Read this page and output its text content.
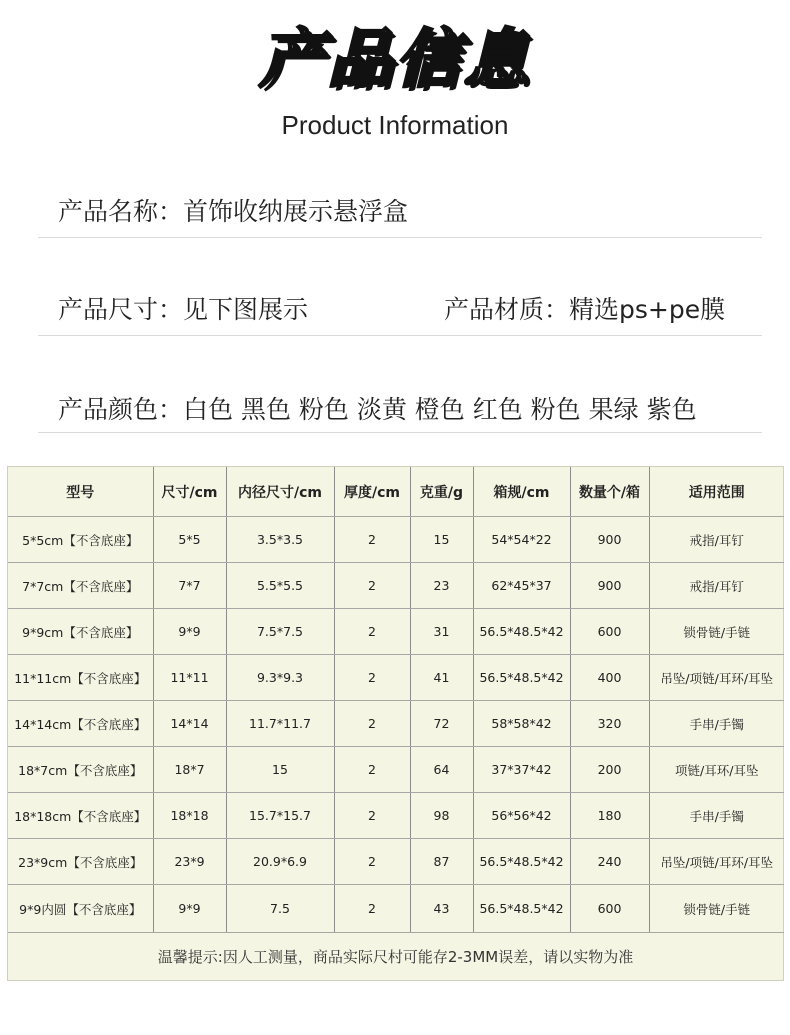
产品信息
Product Information
产品名称：首饰收纳展示悬浮盒
产品尺寸：见下图展示	产品材质：精选ps+pe膜
产品颜色：白色 黑色 粉色 淡黄 橙色 红色 粉色 果绿 紫色
型号	尺寸/cm	内径尺寸/cm	厚度/cm	克重/g	箱规/cm	数量个/箱	适用范围
5*5cm【不含底座】	5*5	3.5*3.5	2	15	54*54*22	900	戒指/耳钉
7*7cm【不含底座】	7*7	5.5*5.5	2	23	62*45*37	900	戒指/耳钉
9*9cm【不含底座】	9*9	7.5*7.5	2	31	56.5*48.5*42	600	锁骨链/手链
11*11cm【不含底座】	11*11	9.3*9.3	2	41	56.5*48.5*42	400	吊坠/项链/耳环/耳坠
14*14cm【不含底座】	14*14	11.7*11.7	2	72	58*58*42	320	手串/手镯
18*7cm【不含底座】	18*7	15	2	64	37*37*42	200	项链/耳环/耳坠
18*18cm【不含底座】	18*18	15.7*15.7	2	98	56*56*42	180	手串/手镯
23*9cm【不含底座】	23*9	20.9*6.9	2	87	56.5*48.5*42	240	吊坠/项链/耳环/耳坠
9*9内圆【不含底座】	9*9	7.5	2	43	56.5*48.5*42	600	锁骨链/手链
温馨提示:因人工测量，商品实际尺村可能存2-3MM误差，请以实物为准
